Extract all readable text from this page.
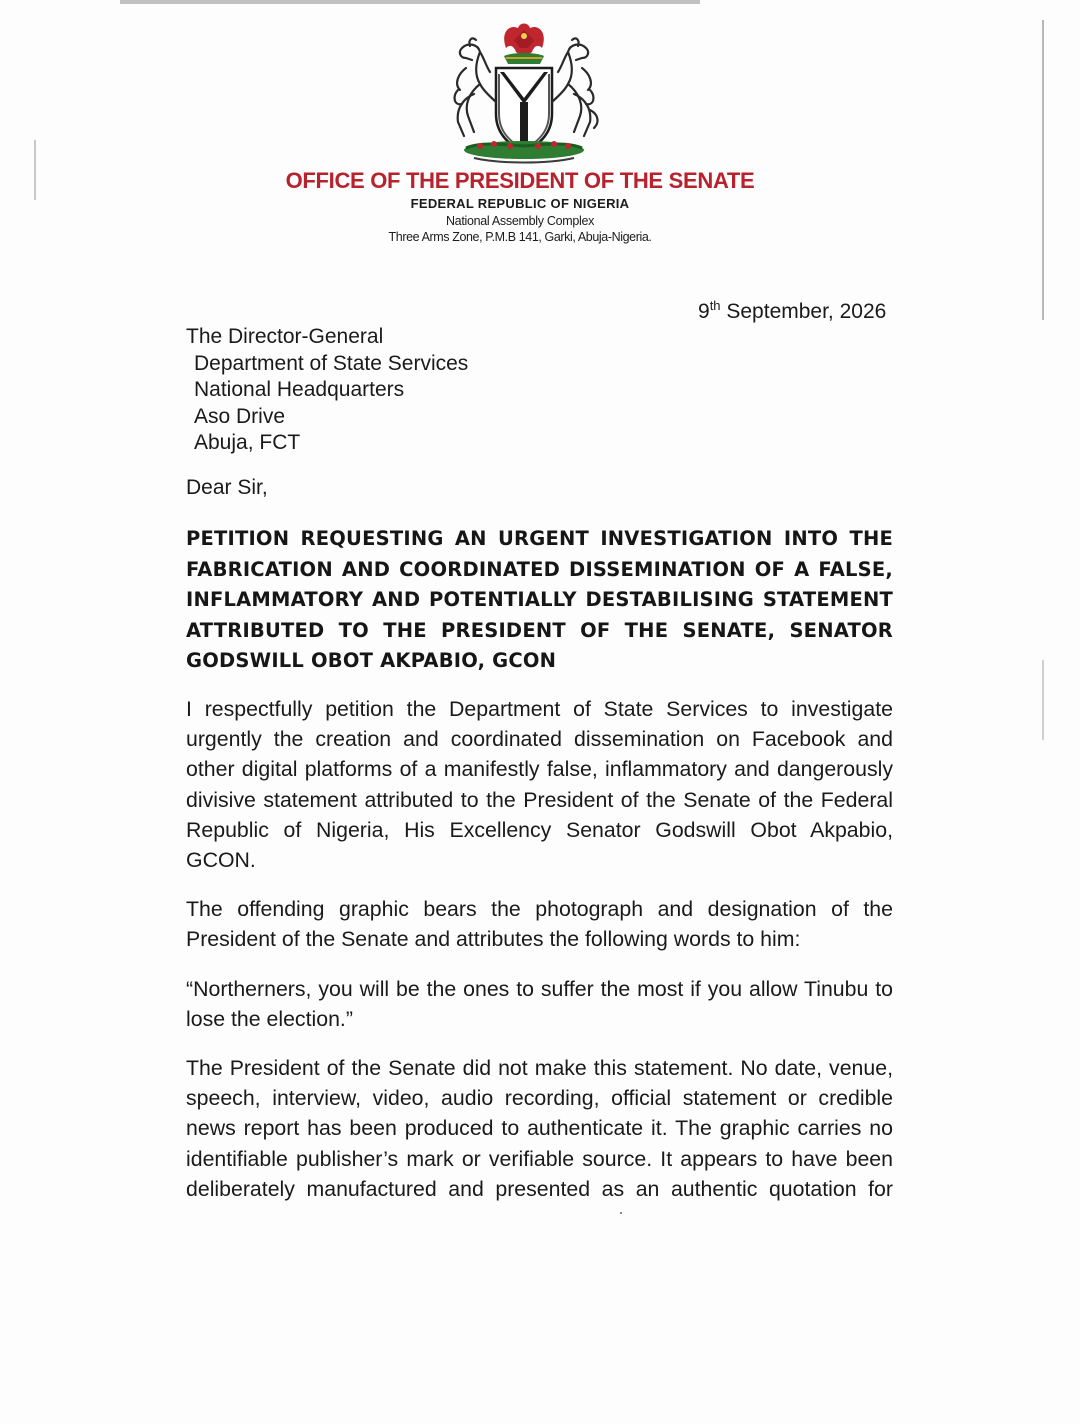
OFFICE OF THE PRESIDENT OF THE SENATE
FEDERAL REPUBLIC OF NIGERIA
National Assembly Complex
Three Arms Zone, P.M.B 141, Garki, Abuja-Nigeria.
9th September, 2026
The Director-General
Department of State Services
National Headquarters
Aso Drive
Abuja, FCT
Dear Sir,
PETITION REQUESTING AN URGENT INVESTIGATION INTO THE FABRICATION AND COORDINATED DISSEMINATION OF A FALSE, INFLAMMATORY AND POTENTIALLY DESTABILISING STATEMENT ATTRIBUTED TO THE PRESIDENT OF THE SENATE, SENATOR GODSWILL OBOT AKPABIO, GCON
I respectfully petition the Department of State Services to investigate urgently the creation and coordinated dissemination on Facebook and other digital platforms of a manifestly false, inflammatory and dangerously divisive statement attributed to the President of the Senate of the Federal Republic of Nigeria, His Excellency Senator Godswill Obot Akpabio, GCON.
The offending graphic bears the photograph and designation of the President of the Senate and attributes the following words to him:
“Northerners, you will be the ones to suffer the most if you allow Tinubu to lose the election.”
The President of the Senate did not make this statement. No date, venue, speech, interview, video, audio recording, official statement or credible news report has been produced to authenticate it. The graphic carries no identifiable publisher’s mark or verifiable source. It appears to have been deliberately manufactured and presented as an authentic quotation for
